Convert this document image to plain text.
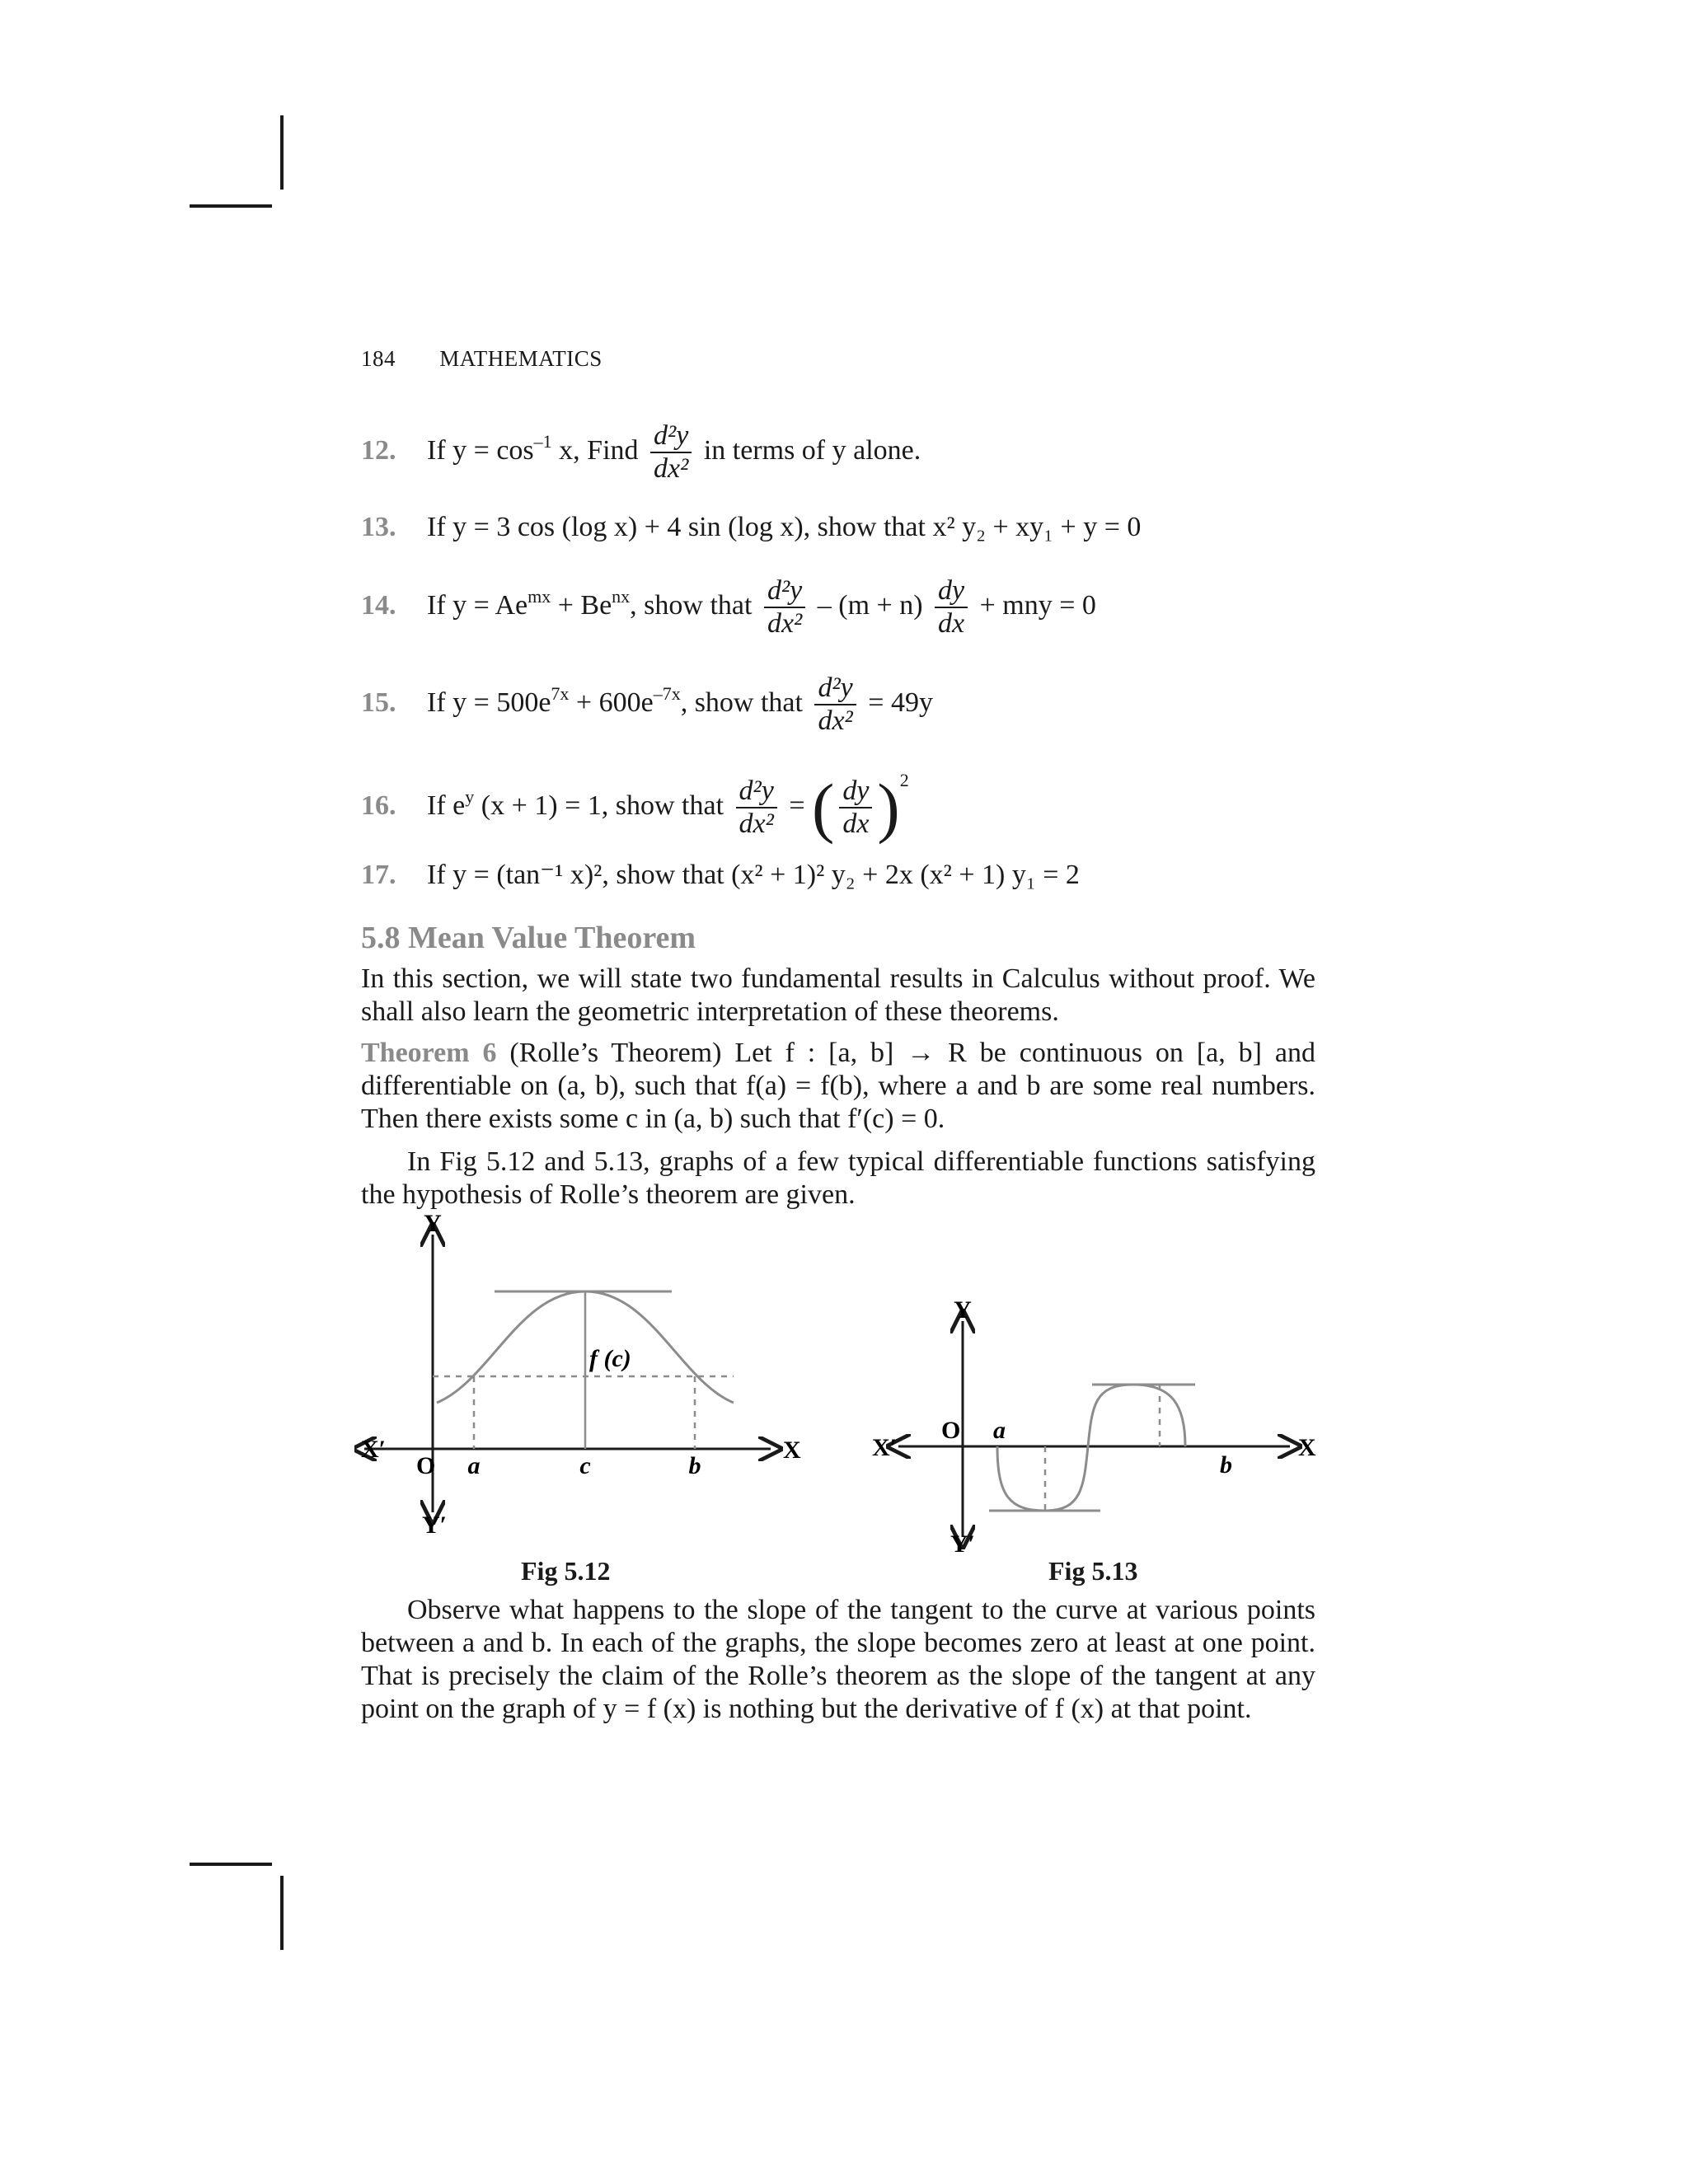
184 MATHEMATICS
12. If $y = \cos^{-1} x$, Find $\frac{\text{d²y}}{\text{dx²}}$ in terms of y alone.
13. If y = 3 cos (log x) + 4 sin (log x), show that x² y₂ + xy₁ + y = 0
14. If $y = Ae^{mx} + Be^{nx}$, show that $\frac{\text{d²y}}{\text{dx²}} - (m + n) \frac{dy}{dx}$ + mny = 0
15. If $y = 500e^{7x} + 600e^{-7x}$, show that $\frac{\text{d²y}}{\text{dx²}} = 49y$
16. If $e^y$ (x + 1) = 1, show that $\frac{\text{d²y}}{\text{dx²}}$ = ( $\frac{dy}{dx} )^2$
17. If y = (tan⁻¹ x)², show that (x² + 1)² y₂ + 2x (x² + 1) y₁ = 2
5.8 Mean Value Theorem
In this section, we will state two fundamental results in Calculus without proof. We shall also learn the geometric interpretation of these theorems.
Theorem 6 (Rolle’s Theorem) Let f : [a, b] → R be continuous on [a, b] and differentiable on (a, b), such that f(a) = f(b), where a and b are some real numbers. Then there exists some c in (a, b) such that f′(c) = 0.
In Fig 5.12 and 5.13, graphs of a few typical differentiable functions satisfying the hypothesis of Rolle’s theorem are given.
Y
Y′
X
X′
O a	c	b
f (c)
Y
Y′
X
X′
O a
b
Fig 5.12	Fig 5.13
Observe what happens to the slope of the tangent to the curve at various points between a and b. In each of the graphs, the slope becomes zero at least at one point. That is precisely the claim of the Rolle’s theorem as the slope of the tangent at any point on the graph of y = f (x) is nothing but the derivative of f (x) at that point.
